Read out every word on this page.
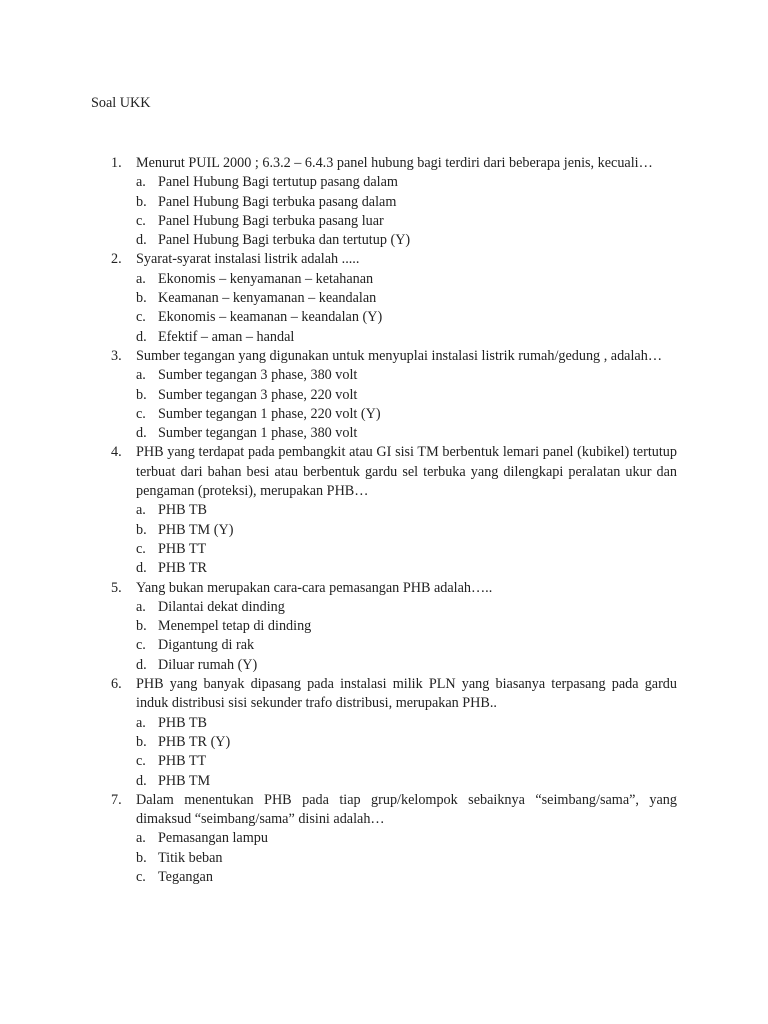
Soal UKK
1. Menurut PUIL 2000 ; 6.3.2 – 6.4.3 panel hubung bagi terdiri dari beberapa jenis, kecuali…
a. Panel Hubung Bagi tertutup pasang dalam
b. Panel Hubung Bagi terbuka pasang dalam
c. Panel Hubung Bagi terbuka pasang luar
d. Panel Hubung Bagi terbuka dan tertutup (Y)
2. Syarat-syarat instalasi listrik adalah .....
a. Ekonomis – kenyamanan – ketahanan
b. Keamanan – kenyamanan – keandalan
c. Ekonomis – keamanan – keandalan (Y)
d. Efektif – aman – handal
3. Sumber tegangan yang digunakan untuk menyuplai instalasi listrik rumah/gedung , adalah…
a. Sumber tegangan 3 phase, 380 volt
b. Sumber tegangan 3 phase, 220 volt
c. Sumber tegangan 1 phase, 220 volt (Y)
d. Sumber tegangan 1 phase, 380 volt
4. PHB yang terdapat pada pembangkit atau GI sisi TM berbentuk lemari panel (kubikel) tertutup terbuat dari bahan besi atau berbentuk gardu sel terbuka yang dilengkapi peralatan ukur dan pengaman (proteksi), merupakan PHB…
a. PHB TB
b. PHB TM (Y)
c. PHB TT
d. PHB TR
5. Yang bukan merupakan cara-cara pemasangan PHB adalah…..
a. Dilantai dekat dinding
b. Menempel tetap di dinding
c. Digantung di rak
d. Diluar rumah (Y)
6. PHB yang banyak dipasang pada instalasi milik PLN yang biasanya terpasang pada gardu induk distribusi sisi sekunder trafo distribusi, merupakan PHB..
a. PHB TB
b. PHB TR (Y)
c. PHB TT
d. PHB TM
7. Dalam menentukan PHB pada tiap grup/kelompok sebaiknya “seimbang/sama”, yang dimaksud “seimbang/sama” disini adalah…
a. Pemasangan lampu
b. Titik beban
c. Tegangan
